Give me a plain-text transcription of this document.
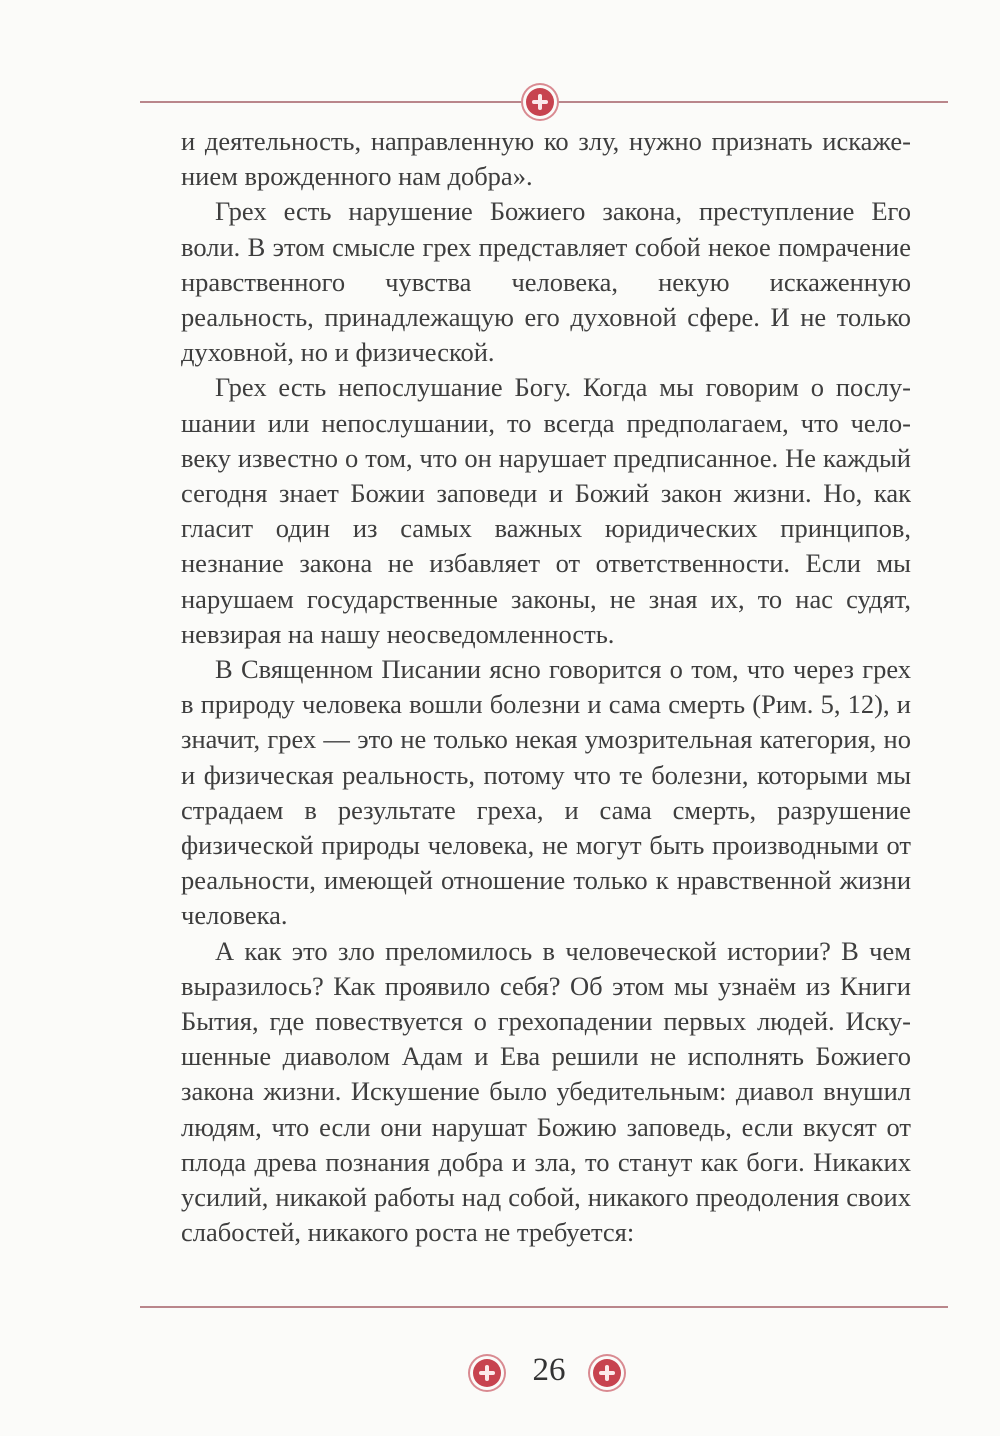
и деятельность, направленную ко злу, нужно признать искажением врожденного нам добра».

Грех есть нарушение Божиего закона, преступление Его воли. В этом смысле грех представляет собой некое помрачение нравственного чувства человека, некую искаженную реальность, принадлежащую его духовной сфере. И не только духовной, но и физической.

Грех есть непослушание Богу. Когда мы говорим о послушании или непослушании, то всегда предполагаем, что человеку известно о том, что он нарушает предписанное. Не каждый сегодня знает Божии заповеди и Божий закон жизни. Но, как гласит один из самых важных юридических принципов, незнание закона не избавляет от ответственности. Если мы нарушаем государственные законы, не зная их, то нас судят, невзирая на нашу неосведомленность.

В Священном Писании ясно говорится о том, что через грех в природу человека вошли болезни и сама смерть (Рим. 5, 12), и значит, грех — это не только некая умозрительная категория, но и физическая реальность, потому что те болезни, которыми мы страдаем в результате греха, и сама смерть, разрушение физической природы человека, не могут быть производными от реальности, имеющей отношение только к нравственной жизни человека.

А как это зло преломилось в человеческой истории? В чем выразилось? Как проявило себя? Об этом мы узнаём из Книги Бытия, где повествуется о грехопадении первых людей. Искушенные диаволом Адам и Ева решили не исполнять Божиего закона жизни. Искушение было убедительным: диавол внушил людям, что если они нарушат Божию заповедь, если вкусят от плода древа познания добра и зла, то станут как боги. Никаких усилий, никакой работы над собой, никакого преодоления своих слабостей, никакого роста не требуется:

26
